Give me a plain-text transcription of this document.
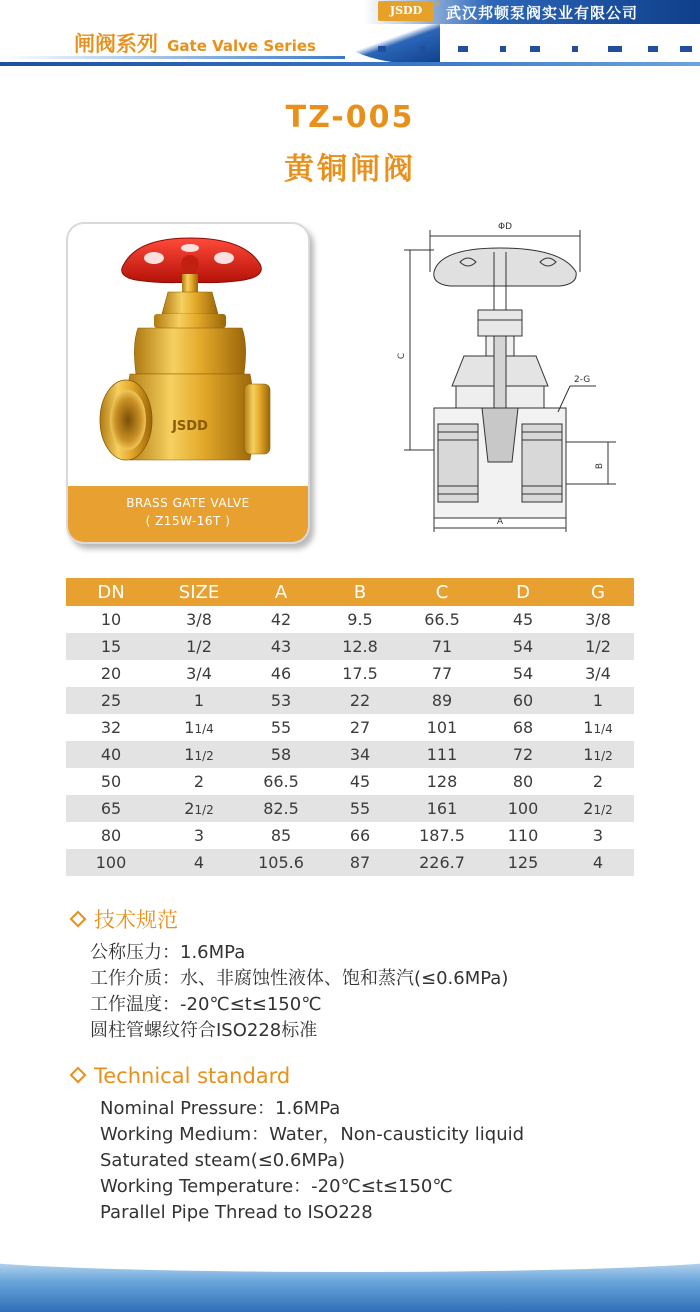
JSDD	® 武汉邦顿泵阀实业有限公司
闸阀系列 Gate Valve Series
TZ-005
黄铜闸阀
JSDD
BRASS GATE VALVE
( Z15W-16T )
ΦD
C
2-G
B
A
DN	SIZE	A	B	C	D	G
10	3/8	42	9.5	66.5	45	3/8
15	1/2	43	12.8	71	54	1/2
20	3/4	46	17.5	77	54	3/4
25	1	53	22	89	60	1
32	11/4	55	27	101	68	11/4
40	11/2	58	34	111	72	11/2
50	2	66.5	45	128	80	2
65	21/2	82.5	55	161	100	21/2
80	3	85	66	187.5	110	3
100	4	105.6	87	226.7	125	4
技术规范
公称压力：1.6MPa
工作介质：水、非腐蚀性液体、饱和蒸汽(≤0.6MPa)
工作温度：-20℃≤t≤150℃
圆柱管螺纹符合ISO228标准
Technical standard
Nominal Pressure：1.6MPa
Working Medium：Water，Non-causticity liquid
Saturated steam(≤0.6MPa)
Working Temperature：-20℃≤t≤150℃
Parallel Pipe Thread to ISO228
